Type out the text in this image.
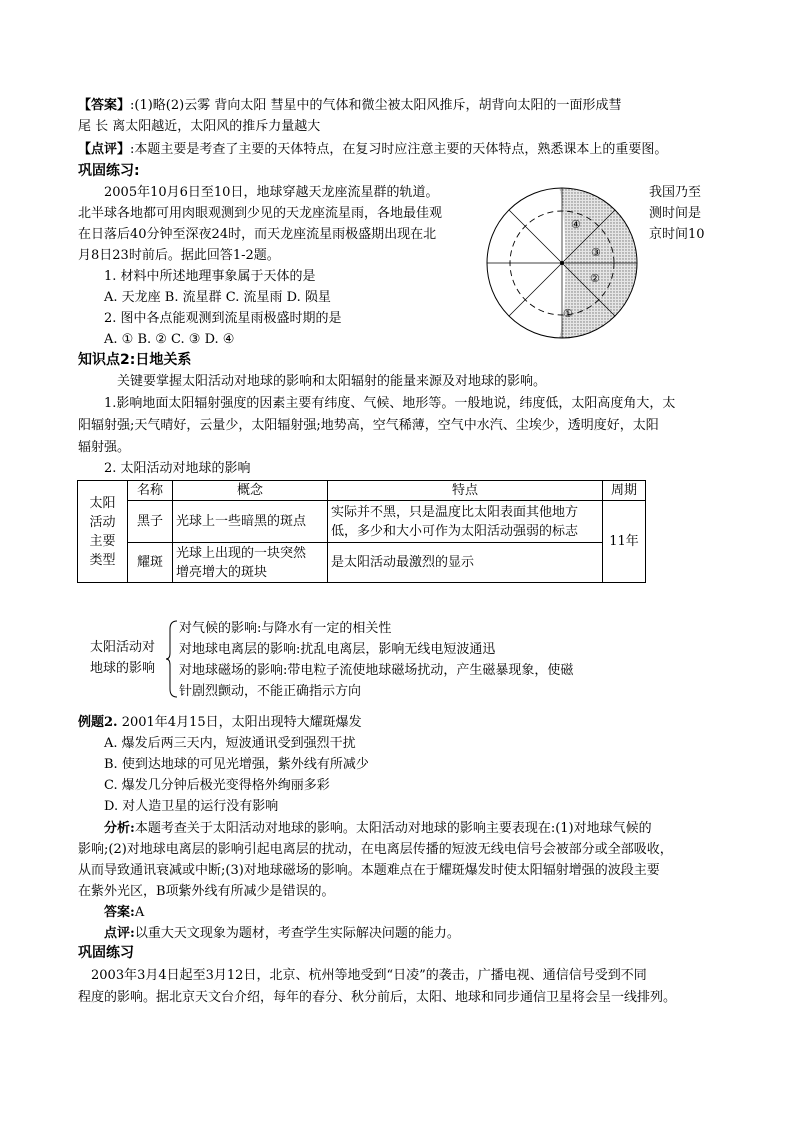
【答案】:(1)略(2)云雾 背向太阳 彗星中的气体和微尘被太阳风推斥，胡背向太阳的一面形成彗
尾 长 离太阳越近，太阳风的推斥力量越大
【点评】:本题主要是考查了主要的天体特点，在复习时应注意主要的天体特点，熟悉课本上的重要图。
巩固练习:
2005年10月6日至10日，地球穿越天龙座流星群的轨道。
北半球各地都可用肉眼观测到少见的天龙座流星雨，各地最佳观
在日落后40分钟至深夜24时，而天龙座流星雨极盛期出现在北
月8日23时前后。据此回答1-2题。
我国乃至
测时间是
京时间10
1. 材料中所述地理事象属于天体的是
A. 天龙座 B. 流星群 C. 流星雨 D. 陨星
2. 图中各点能观测到流星雨极盛时期的是
A. ① B. ② C. ③ D. ④
④
③
②
①
知识点2:日地关系
关键要掌握太阳活动对地球的影响和太阳辐射的能量来源及对地球的影响。
1.影响地面太阳辐射强度的因素主要有纬度、气候、地形等。一般地说，纬度低，太阳高度角大，太
阳辐射强;天气晴好，云量少，太阳辐射强;地势高，空气稀薄，空气中水汽、尘埃少，透明度好，太阳
辐射强。
2. 太阳活动对地球的影响
太阳
活动
主要
类型	名称	概念	特点	周期
	黑子	光球上一些暗黑的斑点	实际并不黑，只是温度比太阳表面其他地方
低，多少和大小可作为太阳活动强弱的标志	11年
	耀斑	光球上出现的一块突然
增亮增大的斑块	是太阳活动最激烈的显示	
太阳活动对
地球的影响
对气候的影响:与降水有一定的相关性
对地球电离层的影响:扰乱电离层，影响无线电短波通迅
对地球磁场的影响:带电粒子流使地球磁场扰动，产生磁暴现象，使磁
针剧烈颤动，不能正确指示方向
例题2. 2001年4月15日，太阳出现特大耀斑爆发
A. 爆发后两三天内，短波通讯受到强烈干扰
B. 使到达地球的可见光增强，紫外线有所减少
C. 爆发几分钟后极光变得格外绚丽多彩
D. 对人造卫星的运行没有影响
分析:本题考查关于太阳活动对地球的影响。太阳活动对地球的影响主要表现在:(1)对地球气候的
影响;(2)对地球电离层的影响引起电离层的扰动，在电离层传播的短波无线电信号会被部分或全部吸收，
从而导致通讯衰减或中断;(3)对地球磁场的影响。本题难点在于耀斑爆发时使太阳辐射增强的波段主要
在紫外光区，B项紫外线有所减少是错误的。
答案:A
点评:以重大天文现象为题材，考查学生实际解决问题的能力。
巩固练习
2003年3月4日起至3月12日，北京、杭州等地受到“日凌”的袭击，广播电视、通信信号受到不同
程度的影响。据北京天文台介绍，每年的春分、秋分前后，太阳、地球和同步通信卫星将会呈一线排列。
